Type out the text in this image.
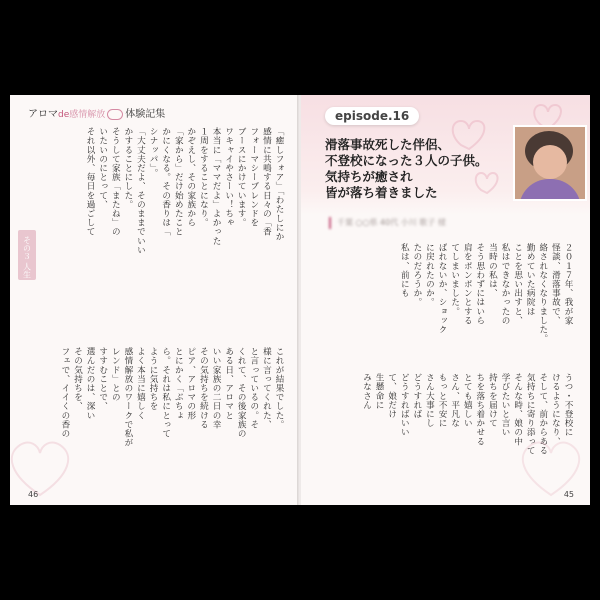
アロマde感情解放 体験記集
その３ 人生
「癒しフォア」「わたしにか
感情に共鳴する日々の「香
フォーマシーブレンドを
ブースにかけています。
ワキャイやさーい！ちゃ
本当に「ママだよ」よかった
１周をすることになり。
かぞえし、その家族から
「家から」だけ始めたこと
かにくなる。その香りは「
シナッパ」。
「大丈夫だよ、そのままでいい
かすることにした。
そうして家族「またね」の
いたいのにとって、
それ以外、毎日を過ごして
これが結果でした。
様に言ってくれた、
と言っているの。そ
くれて、その後家族の
ある日、アロマと
いい家族の二日の幸
その気持ちを続ける
ピア、アロマの形
とにかく「ぶちょ
ら。それは私にとって
ように気持ちを
よく本当に嬉しく
感情解放のワークで私が
レンド」との
すすむことで、
選んだのは、深い
その気持ちを、
フェで、イイくの香の
46
episode.16
滑落事故死した伴侶、
不登校になった３人の子供。
気持ちが癒され
皆が落ち着きました
千葉 ○○県 40代 小川 歌子 様
２０１７年、我が家
怪談、滑落事故で、
絡されなくなりました。
勤めていた病院は
ことを思い出すと、
私はできなかったの
当時の私は、
そう思わずにはいら
肩をポンポンとする
てしまいました。
ばれないか、ショック
に戻れたのか。
たのだろうか。
私は、前にも
うつ・不登校に
けるようになり、
そして、前からある
気持ちに寄り添って
そんな時、娘の中
学びたいと言い
持ちを届けて
ちを落ち着かせる
とても嬉しい
さん、平凡な
もっと不安に
さん大事にし
どうすれば
どうすればいい
て、娘だけ
生懸命に
みなさん
45
